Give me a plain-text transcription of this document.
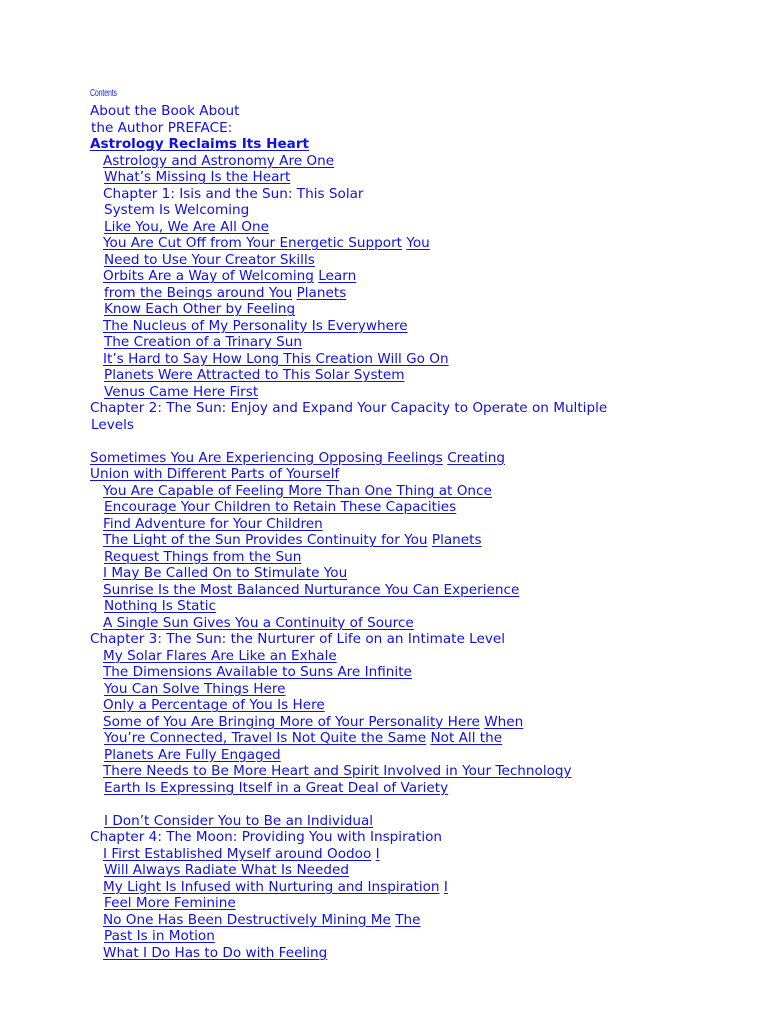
Contents
About the Book About
the Author PREFACE:
Astrology Reclaims Its Heart
Astrology and Astronomy Are One
What’s Missing Is the Heart
Chapter 1: Isis and the Sun: This Solar
System Is Welcoming
Like You, We Are All One
You Are Cut Off from Your Energetic Support You
Need to Use Your Creator Skills
Orbits Are a Way of Welcoming Learn
from the Beings around You Planets
Know Each Other by Feeling
The Nucleus of My Personality Is Everywhere
The Creation of a Trinary Sun
It’s Hard to Say How Long This Creation Will Go On
Planets Were Attracted to This Solar System
Venus Came Here First
Chapter 2: The Sun: Enjoy and Expand Your Capacity to Operate on Multiple
Levels
Sometimes You Are Experiencing Opposing Feelings Creating
Union with Different Parts of Yourself
You Are Capable of Feeling More Than One Thing at Once
Encourage Your Children to Retain These Capacities
Find Adventure for Your Children
The Light of the Sun Provides Continuity for You Planets
Request Things from the Sun
I May Be Called On to Stimulate You
Sunrise Is the Most Balanced Nurturance You Can Experience
Nothing Is Static
A Single Sun Gives You a Continuity of Source
Chapter 3: The Sun: the Nurturer of Life on an Intimate Level
My Solar Flares Are Like an Exhale
The Dimensions Available to Suns Are Infinite
You Can Solve Things Here
Only a Percentage of You Is Here
Some of You Are Bringing More of Your Personality Here When
You’re Connected, Travel Is Not Quite the Same Not All the
Planets Are Fully Engaged
There Needs to Be More Heart and Spirit Involved in Your Technology
Earth Is Expressing Itself in a Great Deal of Variety
I Don’t Consider You to Be an Individual
Chapter 4: The Moon: Providing You with Inspiration
I First Established Myself around Oodoo I
Will Always Radiate What Is Needed
My Light Is Infused with Nurturing and Inspiration I
Feel More Feminine
No One Has Been Destructively Mining Me The
Past Is in Motion
What I Do Has to Do with Feeling
